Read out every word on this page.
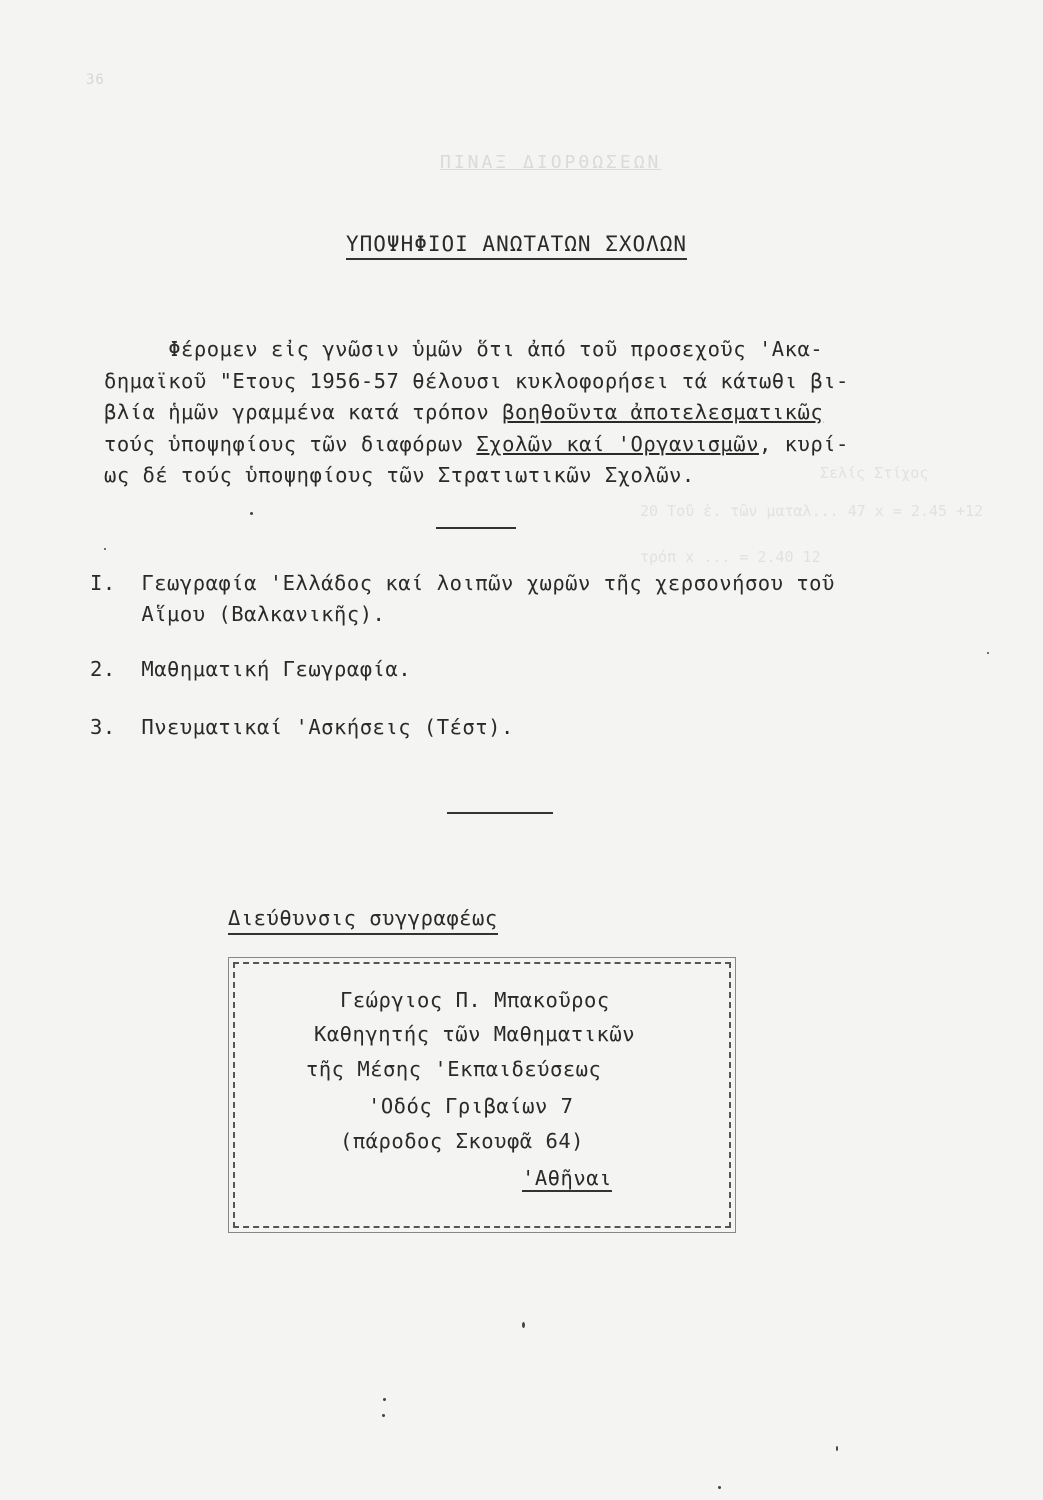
36
ΠΙΝΑΞ ΔΙΟΡΘΩΣΕΩΝ
Σελίς Στίχος
20 Τοῦ ἑ. τῶν ματαλ... 47 x = 2.45 +12
τρόπ x ... = 2.40 12
ΥΠΟΨΗΦΙΟΙ ΑΝΩΤΑΤΩΝ ΣΧΟΛΩΝ
Φέρομεν εἰς γνῶσιν ὑμῶν ὅτι ἀπό τοῦ προσεχοῦς 'Ακα-
δημαϊκοῦ "Ετους 1956-57 θέλουσι κυκλοφορήσει τά κάτωθι βι-
βλία ἡμῶν γραμμένα κατά τρόπον βοηθοῦντα ἀποτελεσματικῶς
τούς ὑποψηφίους τῶν διαφόρων Σχολῶν καί 'Οργανισμῶν, κυρί-
ως δέ τούς ὑποψηφίους τῶν Στρατιωτικῶν Σχολῶν.
I. Γεωγραφία 'Ελλάδος καί λοιπῶν χωρῶν τῆς χερσονήσου τοῦ
Αἵμου (Βαλκανικῆς).
2. Μαθηματική Γεωγραφία.
3. Πνευματικαί 'Ασκήσεις (Τέστ).
Διεύθυνσις συγγραφέως
Γεώργιος Π. Μπακοῦρος
Καθηγητής τῶν Μαθηματικῶν
τῆς Μέσης 'Εκπαιδεύσεως
'Οδός Γριβαίων 7
(πάροδος Σκουφᾶ 64)
'Αθῆναι
